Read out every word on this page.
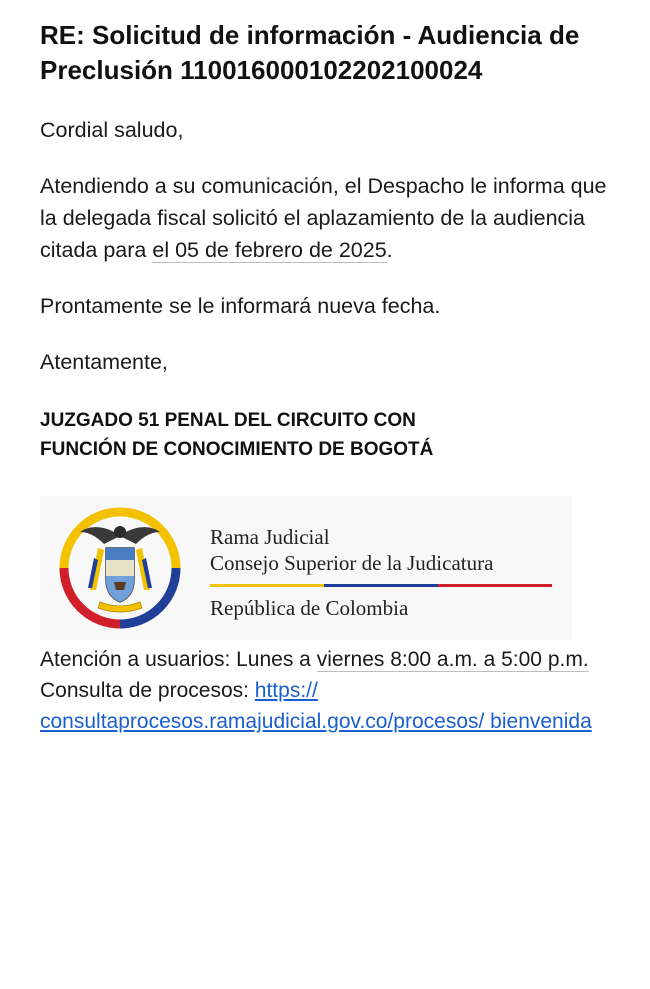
RE: Solicitud de información - Audiencia de Preclusión 110016000102202100024

Cordial saludo,

Atendiendo a su comunicación, el Despacho le informa que la delegada fiscal solicitó el aplazamiento de la audiencia citada para el 05 de febrero de 2025.

Prontamente se le informará nueva fecha.

Atentamente,

JUZGADO 51 PENAL DEL CIRCUITO CON
FUNCIÓN DE CONOCIMIENTO DE BOGOTÁ
Rama Judicial
Consejo Superior de la Judicatura
República de Colombia
Atención a usuarios: Lunes a viernes 8:00 a.m. a 5:00 p.m.
Consulta de procesos: https:// consultaprocesos.ramajudicial.gov.co/procesos/ bienvenida
